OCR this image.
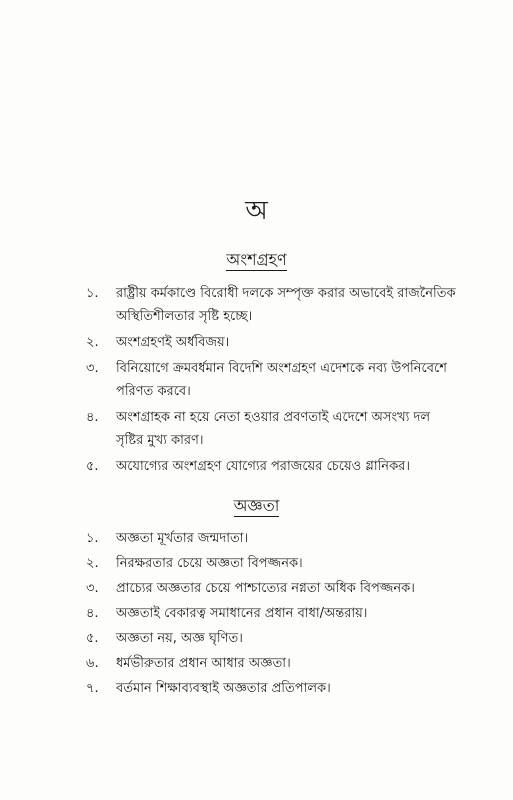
অ
অংশগ্রহণ
১. রাষ্ট্রীয় কর্মকাণ্ডে বিরোধী দলকে সম্পৃক্ত করার অভাবেই রাজনৈতিক অস্থিতিশীলতার সৃষ্টি হচ্ছে।
২. অংশগ্রহণই অর্ধবিজয়।
৩. বিনিয়োগে ক্রমবর্ধমান বিদেশি অংশগ্রহণ এদেশকে নব্য উপনিবেশে পরিণত করবে।
৪. অংশগ্রাহক না হয়ে নেতা হওয়ার প্রবণতাই এদেশে অসংখ্য দল সৃষ্টির মুখ্য কারণ।
৫. অযোগ্যের অংশগ্রহণ যোগ্যের পরাজয়ের চেয়েও গ্লানিকর।
অজ্ঞতা
১. অজ্ঞতা মূর্খতার জন্মদাতা।
২. নিরক্ষরতার চেয়ে অজ্ঞতা বিপজ্জনক।
৩. প্রাচ্যের অজ্ঞতার চেয়ে পাশ্চাত্যের নগ্নতা অধিক বিপজ্জনক।
৪. অজ্ঞতাই বেকারত্ব সমাধানের প্রধান বাধা/অন্তরায়।
৫. অজ্ঞতা নয়, অজ্ঞ ঘৃণিত।
৬. ধর্মভীরুতার প্রধান আধার অজ্ঞতা।
৭. বর্তমান শিক্ষাব্যবস্থাই অজ্ঞতার প্রতিপালক।
